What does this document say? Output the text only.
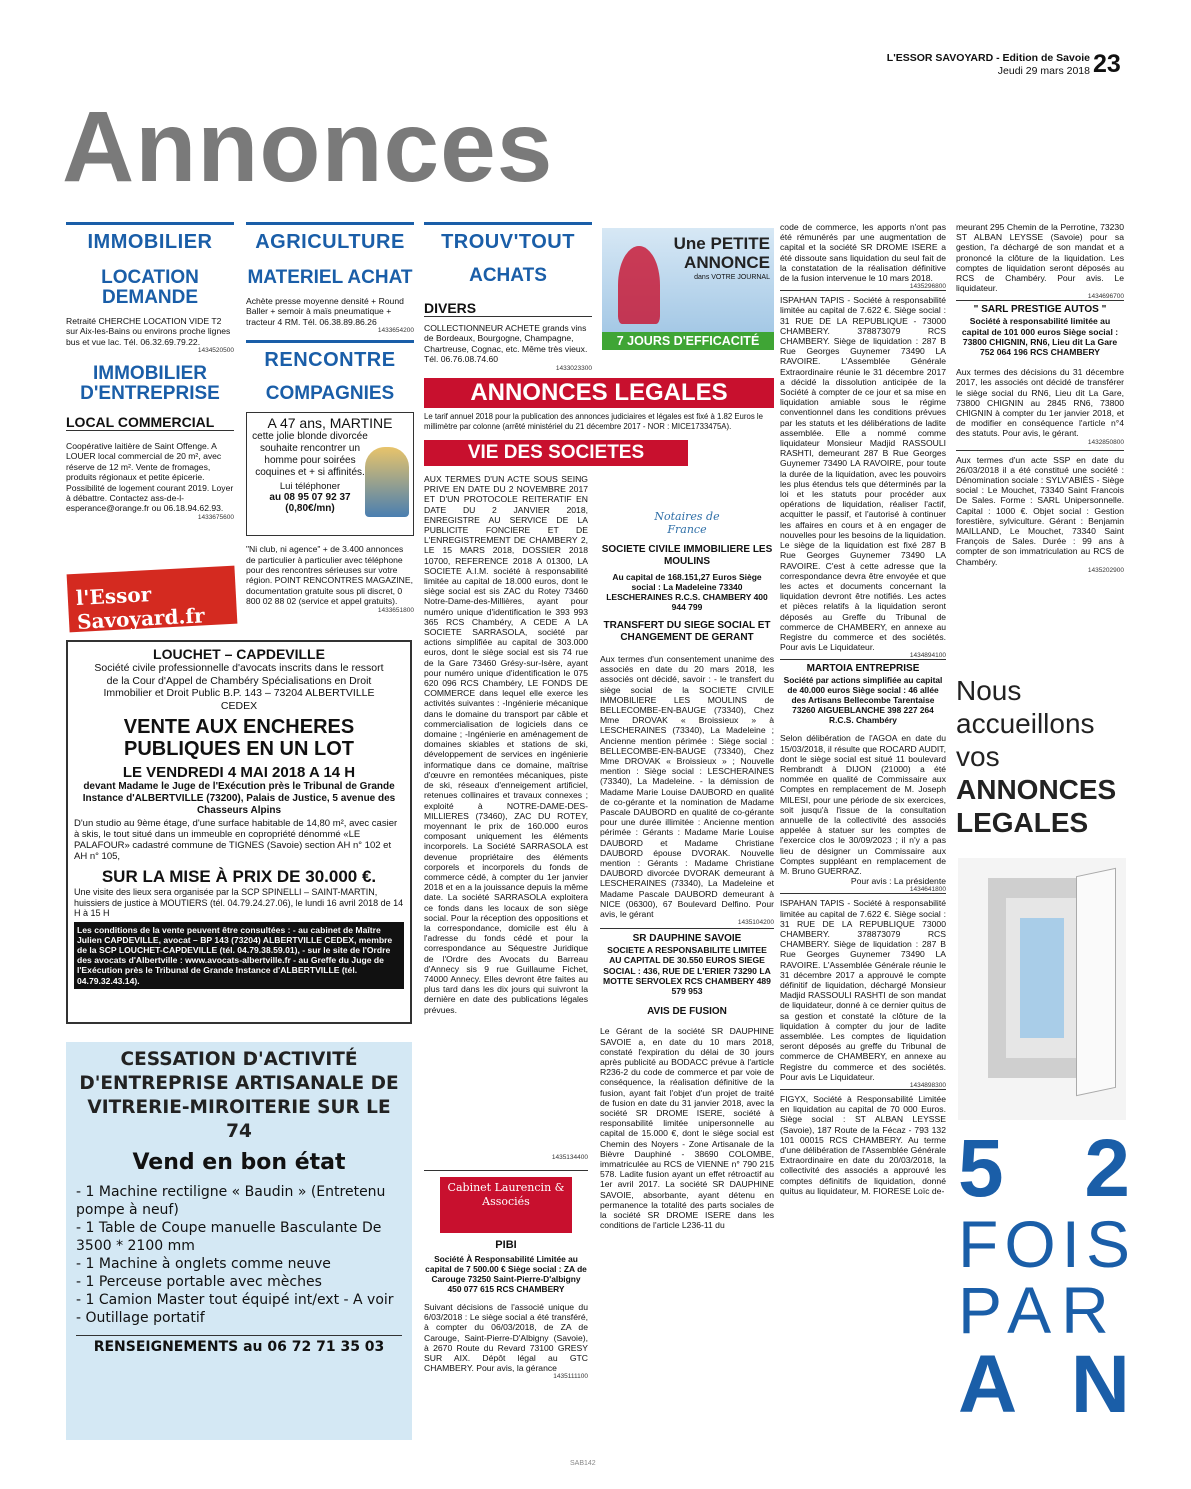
L'ESSOR SAVOYARD - Edition de Savoie
Jeudi 29 mars 2018 23
Annonces
IMMOBILIER
LOCATION DEMANDE
Retraité CHERCHE LOCATION VIDE T2 sur Aix-les-Bains ou environs proche lignes bus et vue lac. Tél. 06.32.69.79.22.
1434520500
IMMOBILIER D'ENTREPRISE
LOCAL COMMERCIAL
Coopérative laitière de Saint Offenge. A LOUER local commercial de 20 m², avec réserve de 12 m². Vente de fromages, produits régionaux et petite épicerie. Possibilité de logement courant 2019. Loyer à débattre. Contactez ass-de-l-esperance@orange.fr ou 06.18.94.62.93.
1433675600
l'Essor Savoyard.fr
AGRICULTURE
MATERIEL ACHAT
Achète presse moyenne densité + Round Baller + semoir à maïs pneumatique + tracteur 4 RM. Tél. 06.38.89.86.26
1433654200
RENCONTRE
COMPAGNIES
A 47 ans, MARTINE
cette jolie blonde divorcée souhaite rencontrer un homme pour soirées coquines et + si affinités.
Lui téléphoner
au 08 95 07 92 37 (0,80€/mn)
"Ni club, ni agence" + de 3.400 annonces de particulier à particulier avec téléphone pour des rencontres sérieuses sur votre région. POINT RENCONTRES MAGAZINE, documentation gratuite sous pli discret, 0 800 02 88 02 (service et appel gratuits).
1433651800
TROUV'TOUT
ACHATS
DIVERS
COLLECTIONNEUR ACHETE grands vins de Bordeaux, Bourgogne, Champagne, Chartreuse, Cognac, etc. Même très vieux. Tél. 06.76.08.74.60
1433023300
Une PETITE ANNONCE
dans VOTRE JOURNAL
7 JOURS D'EFFICACITÉ
ANNONCES LEGALES
Le tarif annuel 2018 pour la publication des annonces judiciaires et légales est fixé à 1.82 Euros le millimètre par colonne (arrêté ministériel du 21 décembre 2017 - NOR : MICE1733475A).
VIE DES SOCIETES
LOUCHET – CAPDEVILLE
Société civile professionnelle d'avocats inscrits dans le ressort de la Cour d'Appel de Chambéry Spécialisations en Droit Immobilier et Droit Public B.P. 143 – 73204 ALBERTVILLE CEDEX
VENTE AUX ENCHERES PUBLIQUES EN UN LOT
LE VENDREDI 4 MAI 2018 A 14 H
devant Madame le Juge de l'Exécution près le Tribunal de Grande Instance d'ALBERTVILLE (73200), Palais de Justice, 5 avenue des Chasseurs Alpins
D'un studio au 9ème étage, d'une surface habitable de 14,80 m², avec casier à skis, le tout situé dans un immeuble en copropriété dénommé «LE PALAFOUR» cadastré commune de TIGNES (Savoie) section AH n° 102 et AH n° 105,
SUR LA MISE À PRIX DE 30.000 €.
Une visite des lieux sera organisée par la SCP SPINELLI – SAINT-MARTIN, huissiers de justice à MOUTIERS (tél. 04.79.24.27.06), le lundi 16 avril 2018 de 14 H à 15 H
Les conditions de la vente peuvent être consultées : - au cabinet de Maître Julien CAPDEVILLE, avocat – BP 143 (73204) ALBERTVILLE CEDEX, membre de la SCP LOUCHET-CAPDEVILLE (tél. 04.79.38.59.01), - sur le site de l'Ordre des avocats d'Albertville : www.avocats-albertville.fr - au Greffe du Juge de l'Exécution près le Tribunal de Grande Instance d'ALBERTVILLE (tél. 04.79.32.43.14).
CESSATION D'ACTIVITÉ D'ENTREPRISE ARTISANALE DE VITRERIE-MIROITERIE SUR LE 74
Vend en bon état
- 1 Machine rectiligne « Baudin » (Entretenu pompe à neuf)
- 1 Table de Coupe manuelle Basculante De 3500 * 2100 mm
- 1 Machine à onglets comme neuve
- 1 Perceuse portable avec mèches
- 1 Camion Master tout équipé int/ext - A voir
- Outillage portatif
RENSEIGNEMENTS au 06 72 71 35 03
AUX TERMES D'UN ACTE SOUS SEING PRIVE EN DATE DU 2 NOVEMBRE 2017 ET D'UN PROTOCOLE REITERATIF EN DATE DU 2 JANVIER 2018, ENREGISTRE AU SERVICE DE LA PUBLICITE FONCIERE ET DE L'ENREGISTREMENT DE CHAMBERY 2, LE 15 MARS 2018, DOSSIER 2018 10700, REFERENCE 2018 A 01300, LA SOCIETE A.I.M. société à responsabilité limitée au capital de 18.000 euros, dont le siège social est sis ZAC du Rotey 73460 Notre-Dame-des-Millières, ayant pour numéro unique d'identification le 393 993 365 RCS Chambéry, A CEDE A LA SOCIETE SARRASOLA, société par actions simplifiée au capital de 303.000 euros, dont le siège social est sis 74 rue de la Gare 73460 Grésy-sur-Isère, ayant pour numéro unique d'identification le 075 620 096 RCS Chambéry, LE FONDS DE COMMERCE dans lequel elle exerce les activités suivantes : -Ingénierie mécanique dans le domaine du transport par câble et commercialisation de logiciels dans ce domaine ; -Ingénierie en aménagement de domaines skiables et stations de ski, développement de services en ingénierie informatique dans ce domaine, maîtrise d'œuvre en remontées mécaniques, piste de ski, réseaux d'enneigement artificiel, retenues collinaires et travaux connexes ; exploité à NOTRE-DAME-DES-MILLIERES (73460), ZAC DU ROTEY, moyennant le prix de 160.000 euros composant uniquement les éléments incorporels. La Société SARRASOLA est devenue propriétaire des éléments corporels et incorporels du fonds de commerce cédé, à compter du 1er janvier 2018 et en a la jouissance depuis la même date. La société SARRASOLA exploitera ce fonds dans les locaux de son siège social. Pour la réception des oppositions et la correspondance, domicile est élu à l'adresse du fonds cédé et pour la correspondance au Séquestre Juridique de l'Ordre des Avocats du Barreau d'Annecy sis 9 rue Guillaume Fichet, 74000 Annecy. Elles devront être faites au plus tard dans les dix jours qui suivront la dernière en date des publications légales prévues.
1435134400
Cabinet Laurencin & Associés
PIBI
Société À Responsabilité Limitée au capital de 7 500.00 € Siège social : ZA de Carouge 73250 Saint-Pierre-D'albigny 450 077 615 RCS CHAMBERY
Suivant décisions de l'associé unique du 6/03/2018 : Le siège social a été transféré, à compter du 06/03/2018, de ZA de Carouge, Saint-Pierre-D'Albigny (Savoie), à 2670 Route du Revard 73100 GRESY SUR AIX. Dépôt légal au GTC CHAMBERY. Pour avis, la gérance
1435111100
Notaires de France
SOCIETE CIVILE IMMOBILIERE LES MOULINS
Au capital de 168.151,27 Euros Siège social : La Madeleine 73340 LESCHERAINES R.C.S. CHAMBERY 400 944 799
TRANSFERT DU SIEGE SOCIAL ET CHANGEMENT DE GERANT
Aux termes d'un consentement unanime des associés en date du 20 mars 2018, les associés ont décidé, savoir : - le transfert du siège social de la SOCIETE CIVILE IMMOBILIERE LES MOULINS de BELLECOMBE-EN-BAUGE (73340), Chez Mme DROVAK « Broissieux » à LESCHERAINES (73340), La Madeleine ; Ancienne mention périmée : Siège social : BELLECOMBE-EN-BAUGE (73340), Chez Mme DROVAK « Broissieux » ; Nouvelle mention : Siège social : LESCHERAINES (73340), La Madeleine. - la démission de Madame Marie Louise DAUBORD en qualité de co-gérante et la nomination de Madame Pascale DAUBORD en qualité de co-gérante pour une durée illimitée : Ancienne mention périmée : Gérants : Madame Marie Louise DAUBORD et Madame Christiane DAUBORD épouse DVORAK. Nouvelle mention : Gérants : Madame Christiane DAUBORD divorcée DVORAK demeurant à LESCHERAINES (73340), La Madeleine et Madame Pascale DAUBORD demeurant à NICE (06300), 67 Boulevard Delfino. Pour avis, le gérant
1435104200
SR DAUPHINE SAVOIE
SOCIETE A RESPONSABILITE LIMITEE AU CAPITAL DE 30.550 EUROS SIEGE SOCIAL : 436, RUE DE L'ERIER 73290 LA MOTTE SERVOLEX RCS CHAMBERY 489 579 953
AVIS DE FUSION
Le Gérant de la société SR DAUPHINE SAVOIE a, en date du 10 mars 2018, constaté l'expiration du délai de 30 jours après publicité au BODACC prévue à l'article R236-2 du code de commerce et par voie de conséquence, la réalisation définitive de la fusion, ayant fait l'objet d'un projet de traité de fusion en date du 31 janvier 2018, avec la société SR DROME ISERE, société à responsabilité limitée unipersonnelle au capital de 15.000 €, dont le siège social est Chemin des Noyers - Zone Artisanale de la Bièvre Dauphiné - 38690 COLOMBE, immatriculée au RCS de VIENNE n° 790 215 578. Ladite fusion ayant un effet rétroactif au 1er avril 2017. La société SR DAUPHINE SAVOIE, absorbante, ayant détenu en permanence la totalité des parts sociales de la société SR DROME ISERE dans les conditions de l'article L236-11 du
code de commerce, les apports n'ont pas été rémunérés par une augmentation de capital et la société SR DROME ISERE a été dissoute sans liquidation du seul fait de la constatation de la réalisation définitive de la fusion intervenue le 10 mars 2018.
1435296800
ISPAHAN TAPIS - Société à responsabilité limitée au capital de 7.622 €. Siège social : 31 RUE DE LA REPUBLIQUE - 73000 CHAMBERY. 378873079 RCS CHAMBERY. Siège de liquidation : 287 B Rue Georges Guynemer 73490 LA RAVOIRE. L'Assemblée Générale Extraordinaire réunie le 31 décembre 2017 a décidé la dissolution anticipée de la Société à compter de ce jour et sa mise en liquidation amiable sous le régime conventionnel dans les conditions prévues par les statuts et les délibérations de ladite assemblée. Elle a nommé comme liquidateur Monsieur Madjid RASSOULI RASHTI, demeurant 287 B Rue Georges Guynemer 73490 LA RAVOIRE, pour toute la durée de la liquidation, avec les pouvoirs les plus étendus tels que déterminés par la loi et les statuts pour procéder aux opérations de liquidation, réaliser l'actif, acquitter le passif, et l'autorisé à continuer les affaires en cours et à en engager de nouvelles pour les besoins de la liquidation. Le siège de la liquidation est fixé 287 B Rue Georges Guynemer 73490 LA RAVOIRE. C'est à cette adresse que la correspondance devra être envoyée et que les actes et documents concernant la liquidation devront être notifiés. Les actes et pièces relatifs à la liquidation seront déposés au Greffe du Tribunal de commerce de CHAMBERY, en annexe au Registre du commerce et des sociétés. Pour avis Le Liquidateur.
1434894100
MARTOIA ENTREPRISE
Société par actions simplifiée au capital de 40.000 euros Siège social : 46 allée des Artisans Bellecombe Tarentaise 73260 AIGUEBLANCHE 398 227 264 R.C.S. Chambéry
Selon délibération de l'AGOA en date du 15/03/2018, il résulte que ROCARD AUDIT, dont le siège social est situé 11 boulevard Rembrandt à DIJON (21000) a été nommée en qualité de Commissaire aux Comptes en remplacement de M. Joseph MILESI, pour une période de six exercices, soit jusqu'à l'issue de la consultation annuelle de la collectivité des associés appelée à statuer sur les comptes de l'exercice clos le 30/09/2023 ; il n'y a pas lieu de désigner un Commissaire aux Comptes suppléant en remplacement de M. Bruno GUERRAZ.
Pour avis : La présidente
1434641800
ISPAHAN TAPIS - Société à responsabilité limitée au capital de 7.622 €. Siège social : 31 RUE DE LA REPUBLIQUE 73000 CHAMBERY. 378873079 RCS CHAMBERY. Siège de liquidation : 287 B Rue Georges Guynemer 73490 LA RAVOIRE. L'Assemblée Générale réunie le 31 décembre 2017 a approuvé le compte définitif de liquidation, déchargé Monsieur Madjid RASSOULI RASHTI de son mandat de liquidateur, donné à ce dernier quitus de sa gestion et constaté la clôture de la liquidation à compter du jour de ladite assemblée. Les comptes de liquidation seront déposés au greffe du Tribunal de commerce de CHAMBERY, en annexe au Registre du commerce et des sociétés. Pour avis Le Liquidateur.
1434898300
FIGYX, Société à Responsabilité Limitée en liquidation au capital de 70 000 Euros. Siège social : ST ALBAN LEYSSE (Savoie), 187 Route de la Fécaz - 793 132 101 00015 RCS CHAMBERY. Au terme d'une délibération de l'Assemblée Générale Extraordinaire en date du 20/03/2018, la collectivité des associés a approuvé les comptes définitifs de liquidation, donné quitus au liquidateur, M. FIORESE Loïc de-
meurant 295 Chemin de la Perrotine, 73230 ST ALBAN LEYSSE (Savoie) pour sa gestion, l'a déchargé de son mandat et a prononcé la clôture de la liquidation. Les comptes de liquidation seront déposés au RCS de Chambéry. Pour avis. Le liquidateur.
1434696700
" SARL PRESTIGE AUTOS "
Société à responsabilité limitée au capital de 101 000 euros Siège social : 73800 CHIGNIN, RN6, Lieu dit La Gare 752 064 196 RCS CHAMBERY
Aux termes des décisions du 31 décembre 2017, les associés ont décidé de transférer le siège social du RN6, Lieu dit La Gare, 73800 CHIGNIN au 2845 RN6, 73800 CHIGNIN à compter du 1er janvier 2018, et de modifier en conséquence l'article n°4 des statuts. Pour avis, le gérant.
1432850800
Aux termes d'un acte SSP en date du 26/03/2018 il a été constitué une société : Dénomination sociale : SYLV'ABIÈS - Siège social : Le Mouchet, 73340 Saint Francois De Sales. Forme : SARL Unipersonnelle. Capital : 1000 €. Objet social : Gestion forestière, sylviculture. Gérant : Benjamin MAILLAND, Le Mouchet, 73340 Saint François de Sales. Durée : 99 ans à compter de son immatriculation au RCS de Chambéry.
1435202900
Nous
accueillons
vos
ANNONCES
LEGALES
5 2
FOIS
PAR
A N
SAB142
